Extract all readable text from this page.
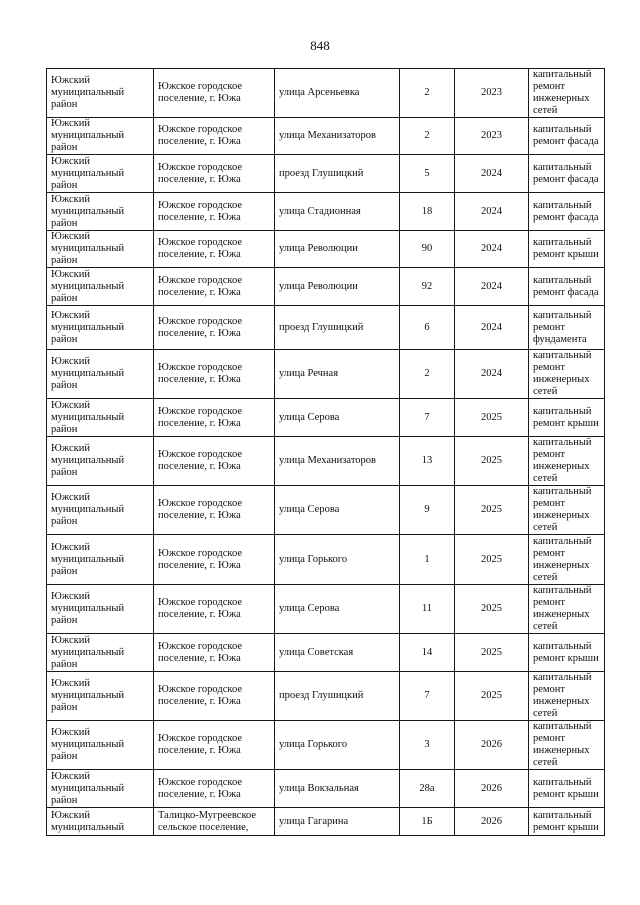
848
Южский муниципальный район	Южское городское поселение, г. Южа	улица Арсеньевка	2	2023	капитальный ремонт инженерных сетей
Южский муниципальный район	Южское городское поселение, г. Южа	улица Механизаторов	2	2023	капитальный ремонт фасада
Южский муниципальный район	Южское городское поселение, г. Южа	проезд Глушицкий	5	2024	капитальный ремонт фасада
Южский муниципальный район	Южское городское поселение, г. Южа	улица Стадионная	18	2024	капитальный ремонт фасада
Южский муниципальный район	Южское городское поселение, г. Южа	улица Революции	90	2024	капитальный ремонт крыши
Южский муниципальный район	Южское городское поселение, г. Южа	улица Революции	92	2024	капитальный ремонт фасада
Южский муниципальный район	Южское городское поселение, г. Южа	проезд Глушицкий	6	2024	капитальный ремонт фундамента
Южский муниципальный район	Южское городское поселение, г. Южа	улица Речная	2	2024	капитальный ремонт инженерных сетей
Южский муниципальный район	Южское городское поселение, г. Южа	улица Серова	7	2025	капитальный ремонт крыши
Южский муниципальный район	Южское городское поселение, г. Южа	улица Механизаторов	13	2025	капитальный ремонт инженерных сетей
Южский муниципальный район	Южское городское поселение, г. Южа	улица Серова	9	2025	капитальный ремонт инженерных сетей
Южский муниципальный район	Южское городское поселение, г. Южа	улица Горького	1	2025	капитальный ремонт инженерных сетей
Южский муниципальный район	Южское городское поселение, г. Южа	улица Серова	11	2025	капитальный ремонт инженерных сетей
Южский муниципальный район	Южское городское поселение, г. Южа	улица Советская	14	2025	капитальный ремонт крыши
Южский муниципальный район	Южское городское поселение, г. Южа	проезд Глушицкий	7	2025	капитальный ремонт инженерных сетей
Южский муниципальный район	Южское городское поселение, г. Южа	улица Горького	3	2026	капитальный ремонт инженерных сетей
Южский муниципальный район	Южское городское поселение, г. Южа	улица Вокзальная	28а	2026	капитальный ремонт крыши
Южский муниципальный	Талицко-Мугреевское сельское поселение,	улица Гагарина	1Б	2026	капитальный ремонт крыши
